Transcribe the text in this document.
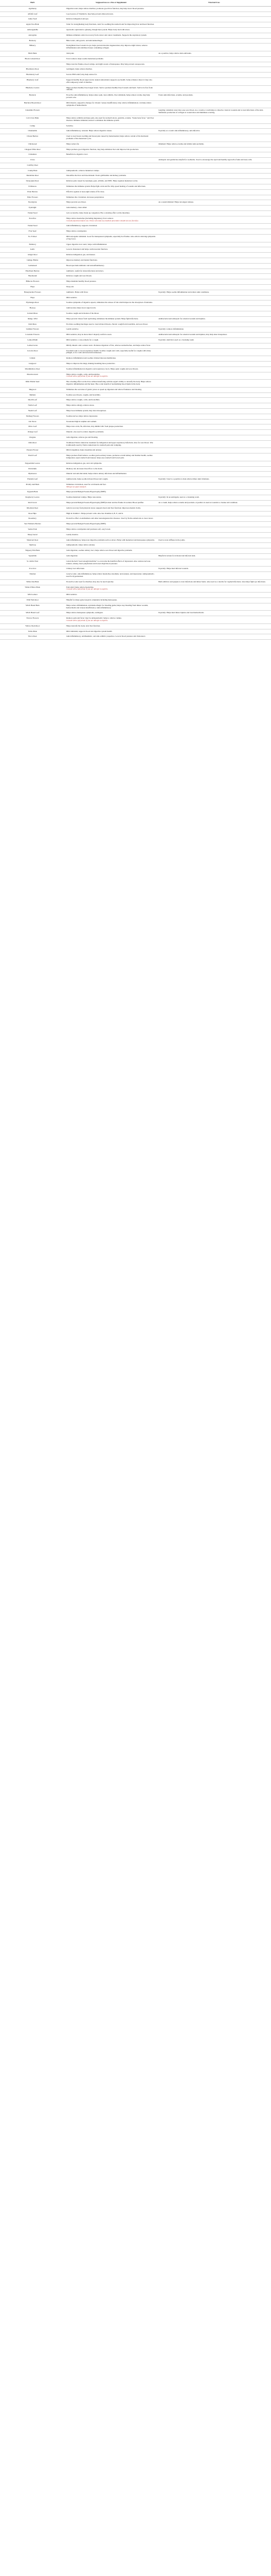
Herb	Supposed use as a Tea or Supplement	External Uses
Agrimony	Digestive tonic, helps relieve diarrhea, promotes good liver function, may help lower blood pressure.	
Alfalfa Leaf	Good source of Vitamin K, may help prevent atherosclerosis.	
Anise Seed	Relieves indigestion and gas.	
Apple Tree Bark	Tonic for strengthening body functions, tonic for soothing the stomach and for improving liver and heart function.	
Ashwagandha	Ayurvedic equivalent to ginseng, though more potent. Helps body deal with stress.	
Astragalus	Immune stimulant. Aids in recovery from cancer and cancer treatments. Supports the respiratory system.	
Barberry	Bitter tonic, anti-pyretic, and anti-hemorrhagic.	
Bilberry	Strengthens blood vessels in eye, helps prevent macular degeneration, may improve night vision, reduces inflammation and stabilizes tissues containing collagen.	
Birch Bark	Joint pain.	As a poultice, helps relieve skin outbreaks.
Black Cohosh Root	Fever reducer, helps soothe menstrual problems.	
	Helps treat hot flashes, mood swings, and night sweats of menopause. May help prevent osteoporosis.	
Blackberry Root	Astringent, helps relieve diarrhea.	
Blackberry Leaf	Severe PMS relief, may help reduce fat.	
Blueberry Leaf	Supports healthy blood sugar levels; natural antioxidant; supports eye health. Some evidence shows it may also offer temporary relief of diarrhea.	
Blueberry Leaves	Helps promote healthy blood sugar levels. Said to promote healthy blood vessels and heart. Said to be free from caffeine.	
Burdock	Proactive anti-inflammatory, helps reduce pain, treat arthritis, liver stimulant, helps remove toxins, may help prevent acne.	Treats skin infections, eczema, and psoriasis.
Butchers Broom Root	Mild diuretic, supportive therapy for chronic venous insufficiency; may relieve inflammation; can help relieve symptoms of hemorrhoids.	
Calendula Flowers		Gargling calendula water may ease sore throat. As a cream or wash helps to dissolve crusts in wounds and to treat infections of the skin. Stimulates production of collagen at wound sites and minimizes scarring.
Cat's Claw Bark	Helps relieve arthritis and knee pain, also used for stomach ulcers, gastritis, eczema, "break bone fever," and liver diseases. Immune stimulant; known to stimulate the immune system.	
Catnip	Sedative.	
Chamomile	Anti-inflammatory, relaxant. Helps relieve digestive issues.	Topically as a wash: anti-inflammatory, anti-infective.
Chaste Berries	Used to treat breast swelling and breast pain caused by menstruation; helps relieve certain of the hormonal problems of the menstrual cycle.	
Chickweed	Helps reduce fat.	Ointment: Helps relieve eczema and similar skin problems.
Chopped Pillar Root	Helps promote good digestive function, may help stimulate liver and improve bile production.	
Cinnamon	Beneficial to digestive tract.	
Clove		Antiseptic and germicide, helpful for toothache. Used to encourage the rapid and healthy regrowth of skin and bone cells.
Comfrey Root		
Cramp Bark	Antispasmodic, relieves menstrual cramps.	
Dandelion Root	Detoxifies the liver and bloodstream. Treats gallbladder and kidney problems.	
Dong Quai Root	Relieves pain caused by neuralgia, gout, arthritis, and PMS. Helps regulate menstrual cycles.	
Echinacea	Stimulates the immune system. Helps fight colds and flu. May speed healing of wounds and infections.	
Elder Berries	Effective against at least eight strains of flu virus.	
Elder Flowers	Stimulates the circulation, increases perspiration.	
Eucalyptus	Helps prevent sore throat.	As a steam inhalant: Helps decongest sinuses.
Eyebright	Aids memory, clears mind.	
Fennel Seed	Acts as laxative, helps break up congestion. Has a relaxing effect on the intestines.	
Feverfew	Helps relieve headaches (including migraines), fever reducer.
Consult physician before use. Those who take any medical procedure should not use feverfew.	

Fennel Seed	Anti-inflammatory, supports circulation.	
Flax Seed	Helps relieve constipation.	
Fo-Ti Root	Mild estrogenic stimulant. Good for menopausal symptoms, especially hot flashes. Also aids in relieving symptoms of hay fever.	
Fumitory	Upper digestive tract tonic; helps with inflammation.	
Garlic	Lowers cholesterol and helps cardiovascular function.	
Ginger Root	Relieves indigestion, gas, and nausea.	
Ginkgo Biloba	Improves memory and mental functions.	
Goldenseal	Broad spectrum antibiotic and anti-inflammatory.	
Hawthorn Berries	Antibiotic, useful for sinus infections and ulcers.	
Horehound	Relieves coughs and sore throats.	
Hibiscus Flowers	Helps maintain healthy blood pressure.	
Hops	Sleep aid.	
Honeysuckle Flowers	Antibiotic. Helps with fever.	Topically: Helps soothe inflammation and relieve skin conditions.
Hops	Mild sedative.	
Hydrangea Root	Soothes symptoms of digestive upsets; stimulates the release of bile which improves the absorption of nutrients.	
Hyssop	Antivascular, helps lower sugar levels.	
Iceland Moss	Soothes coughs and irritation of the throat.	
Indigo, Wild	Helps prevent viruses from replicating; stimulates the immune system. Helps fight infections.	Antibacterial and antiseptic for external wounds and injuries.
Irish Moss	Provides soothing mucilages used to treat irritated throats, chronic cough from bronchitis, and sore throat.	
Jasmine Flowers	Gently sedative.	Topically: reduces inflammation.
Lavender Flowers	Mild sedative; may be more than 5 majorly restful to users.	Antibacterial and antiseptic for external wounds and injuries; may help deter mosquitoes.
Lemon Balm	Mild sedative; a cure-remedy for a cough.	Topically: Antiviral, used as a cleansing wash.
Lemon Grass	Mildly diuretic and a relaxer tonic. Promotes digestion of fats, relieves stomachaches, and helps reduce fever.	
Licorice Root	Excellent tonic to boost respiratory health. Soothes coughs and colds, especially useful for coughs with sticky phlegm, as for colds and uncertain sicknesses.	
Linden	Reduces inflammation and soothes irritated mucous membranes.	
Lungwort	Helps to improve the lungs, making breathing more productive.	
Marshmallow Root	Soothes inflammation in digestive and respiratory tracts. Helps quiet coughs and sore throats.	
Meadowsweet	Helps relieve coughs, colds, and headaches.
Consult with a physician if you are allergic to aspirin.	

Milk Thistle Seed	Has a healing effect on the liver without interfering with the organ's ability to detoxify the body. Helps relieve digestive inflammation and the heart. Has a side benefit of normalizing blood lipids in the body.	
Mugwort	Stimulates the secretion of gastric juices to speed up digestion and relieve flatulence and bloating.	
Mullein	Soothes sore throats, coughs, and bronchitis.	
Myrrh Leaf	Helps relieve coughs, colds, and bronchitis.	
Nettle Leaf	Helps relieve allergy, relieves stress.	
Neem Leaf	Helps boost immune system, may deter mosquitoes.	
Nutmeg Flowers	Soothes nerves, helps relieve depression.	
Oat Straw	Sweetened high in sulphur and sodium.	
Olive Leaf	Helps treat colds, flu, infection, may inhibit LDL from plaque production.	
Orange Leaf	Diuretic, also used to relieve digestive problems.	
Oregano	Aids digestion, relieves gas and bloating.	
Osha Root	Traditional Native American treatment for indigestion and upper respiratory infections. Also for sore throat. Was traditionally used by Native Americans for stomach pain and cramping.	
Passion Flower	Mild tranquilizer, helps insomnia and anxiety.	
Peach Leaf	Helps promote fluid balance, soothes gastro-urinary issues, promotes overall kidney and bladder health, soothes indigestion, upset stomach and nausea; helps ease stomach and bowel pain.	
Peppermint Leaves	Relieves indigestion, gas, and cold symptoms.	
Periwinkle	Memory aid, increases blood flow to the brain.	
Pipsissewa	Diuretic and anti-microbial; helps relieve urinary infections and inflammation.	
Plantain Leaf	Antibacterial, helps soothe irritated throat and coughs.	Topically: Used to a poultice to help relieve minor skin irritations.
Prickly Ash Bark	Stimulates circulation, used for cold hands and feet.
Will get an upset stomach.	

Pygeum Bark	Helps prevent Benign Prostate Hypertrophy (BPH).	
Raspberry Leaves	Soothes menstrual cramps. Helps tone uterus.	Topically: In an astringent, used as a cleansing wash.
Red Clover	Helps prevent Benign Prostate Hypertrophy (BPH) in men and hot flashes in women. Blood purifier.	As a cream, helps relieve eczema and psoriasis. A poultice is used on wounds to cleanse and condition.
Rhodiola Root	Aids in recovery from physical stress; supports heart and liver function; improves mental clarity.	
Rose Hips	High in vitamin C. Helps prevent colds. Also has vitamins A, B, E, and K.	
Rosemary	Protective effect on Alzheimers and other neurodegenerative diseases. Used by Native Americans to treat cancer.	
Saw Palmetto Berries	Helps prevent Benign Prostate Hypertrophy (BPH).	
Senna Pods	Helps relieve constipation and promotes soft, easy bowel.	
Sheep Sorrel	Gently laxative.	
Shatavari Root	Anti-inflammatory, helps treat digestive problems such as ulcers. Helps with menstrual and menopause symptoms.	Used to treat stiffness in the joints.
Skullcap	Antispasmodic, helps relieve anxiety.	
Slippery Elm Bark	Aids digestion, soothes urinary tract, helps relieve sore throat and digestive problems.	
Spearmint	Aids digestion.	Helpful in lotions for irritated and infected skin.
St. John's Wort	Given the herb "used enough medicine" to overcome the harmful effects of depression. Also reduces nervous tension, anxiety, heart palpitations and lowers high blood pressure.	
Uva Ursi	Urinary tract infections.	Topically: Helps heal infected wounds.
Valerian	A nerve tonic, anti-inflammatory, helps relieve headaches, insomnia, nervousness, and depression. Antispasmodic, used for hypertension.	
White Oak Bark	Protective tonic used for diarrhea; may also be used topically.	Bath additives and gargles to treat infections and minor burns. Also used as a douche for vaginal infections. Also helps fight eye infections.
White Willow Bark	Pain relief, helps relieve headaches.
Consult with a physician if you are allergic to aspirin.	

Wild Lettuce	Mild sedative.	
Wild Yam Root	Helpful for many gynecological complaints including menopause.	
Witch Hazel Bark	Helps reduce inflammation, anti-hemorrhagic for bleeding gums; helps stop bleeding from minor wounds, hemorrhoids and venous insufficiency. Anti-inflammatory.	
Witch Hazel Leaf	Helps relieve menopause symptoms, astringent.	Topically: Helps heal minor injuries and treat hemorrhoids.
Yarrow Flowers	Reduces pain and fever; may be antispasmodic; helps to relieve cramps.
Consult with a physician if you are allergic to aspirin.	

Yellow Dock Root	Helps detoxify the body; aids liver function.	
Yerba Mate	Mild stimulant; supports blood and digestive system health.	
Yucca Root	Anti-inflammatory, antirheumatic, and anti-arthritic properties. Lowers blood pressure and cholesterol.	
